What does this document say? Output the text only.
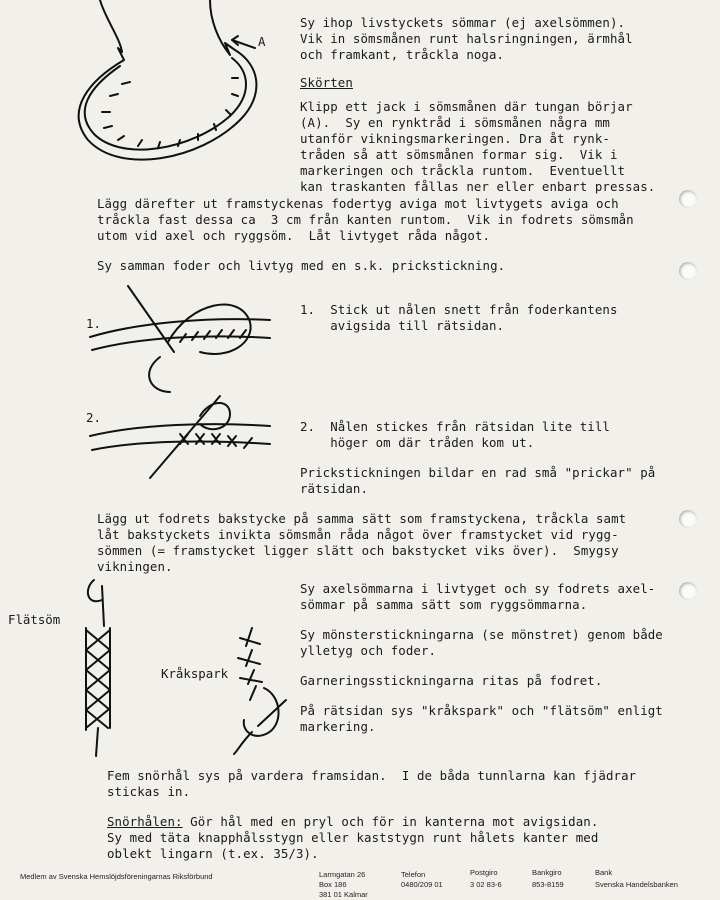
A

Sy ihop livstyckets sömmar (ej axelsömmen).

Vik in sömsmånen runt halsringningen, ärmhål

och framkant, tråckla noga.

Skörten

Klipp ett jack i sömsmånen där tungan börjar

(A).  Sy en rynktråd i sömsmånen några mm

utanför vikningsmarkeringen. Dra åt rynk-

tråden så att sömsmånen formar sig.  Vik i

markeringen och tråckla runtom.  Eventuellt

kan traskanten fållas ner eller enbart pressas.

Lägg därefter ut framstyckenas fodertyg aviga mot livtygets aviga och

tråckla fast dessa ca  3 cm från kanten runtom.  Vik in fodrets sömsmån

utom vid axel och ryggsöm.  Låt livtyget råda något.

Sy samman foder och livtyg med en s.k. prickstickning.

1.

1.  Stick ut nålen snett från foderkantens

avigsida till rätsidan.

2.

2.  Nålen stickes från rätsidan lite till

höger om där tråden kom ut.

Prickstickningen bildar en rad små "prickar" på

rätsidan.

Lägg ut fodrets bakstycke på samma sätt som framstyckena, tråckla samt

låt bakstyckets invikta sömsmån råda något över framstycket vid rygg-

sömmen (= framstycket ligger slätt och bakstycket viks över).  Smygsy

vikningen.

Flätsöm
Kråkspark

Sy axelsömmarna i livtyget och sy fodrets axel-

sömmar på samma sätt som ryggsömmarna.

Sy mönsterstickningarna (se mönstret) genom både

ylletyg och foder.

Garneringsstickningarna ritas på fodret.

På rätsidan sys "kråkspark" och "flätsöm" enligt

markering.

Fem snörhål sys på vardera framsidan.  I de båda tunnlarna kan fjädrar

stickas in.

Snörhålen: Gör hål med en pryl och för in kanterna mot avigsidan.

Sy med täta knapphålsstygn eller kaststygn runt hålets kanter med

oblekt lingarn (t.ex. 35/3).

Medlem av Svenska Hemslöjdsföreningarnas Riksförbund	Larmgatan 26
Box 186
381 01 Kalmar
Telefon
0480/209 01
Postgiro
3 02 83-6
Bankgiro
853-8159
Bank
Svenska Handelsbanken
